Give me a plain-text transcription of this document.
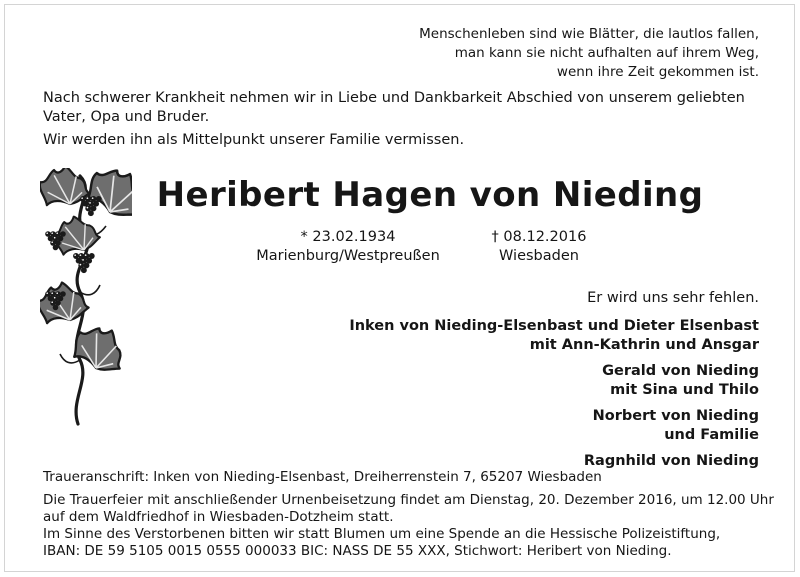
Menschenleben sind wie Blätter, die lautlos fallen,
man kann sie nicht aufhalten auf ihrem Weg,
wenn ihre Zeit gekommen ist.

Nach schwerer Krankheit nehmen wir in Liebe und Dankbarkeit Abschied von unserem geliebten

Vater, Opa und Bruder.

Wir werden ihn als Mittelpunkt unserer Familie vermissen.

Heribert Hagen von Nieding
* 23.02.1934
Marienburg/Westpreußen
† 08.12.2016
Wiesbaden
Er wird uns sehr fehlen.
Inken von Nieding-Elsenbast und Dieter Elsenbast
mit Ann-Kathrin und Ansgar
Gerald von Nieding
mit Sina und Thilo
Norbert von Nieding
und Familie
Ragnhild von Nieding

Traueranschrift: Inken von Nieding-Elsenbast, Dreiherrenstein 7, 65207 Wiesbaden

Die Trauerfeier mit anschließender Urnenbeisetzung findet am Dienstag, 20. Dezember 2016, um 12.00 Uhr

auf dem Waldfriedhof in Wiesbaden-Dotzheim statt.

Im Sinne des Verstorbenen bitten wir statt Blumen um eine Spende an die Hessische Polizeistiftung,

IBAN: DE 59 5105 0015 0555 000033 BIC: NASS DE 55 XXX, Stichwort: Heribert von Nieding.
